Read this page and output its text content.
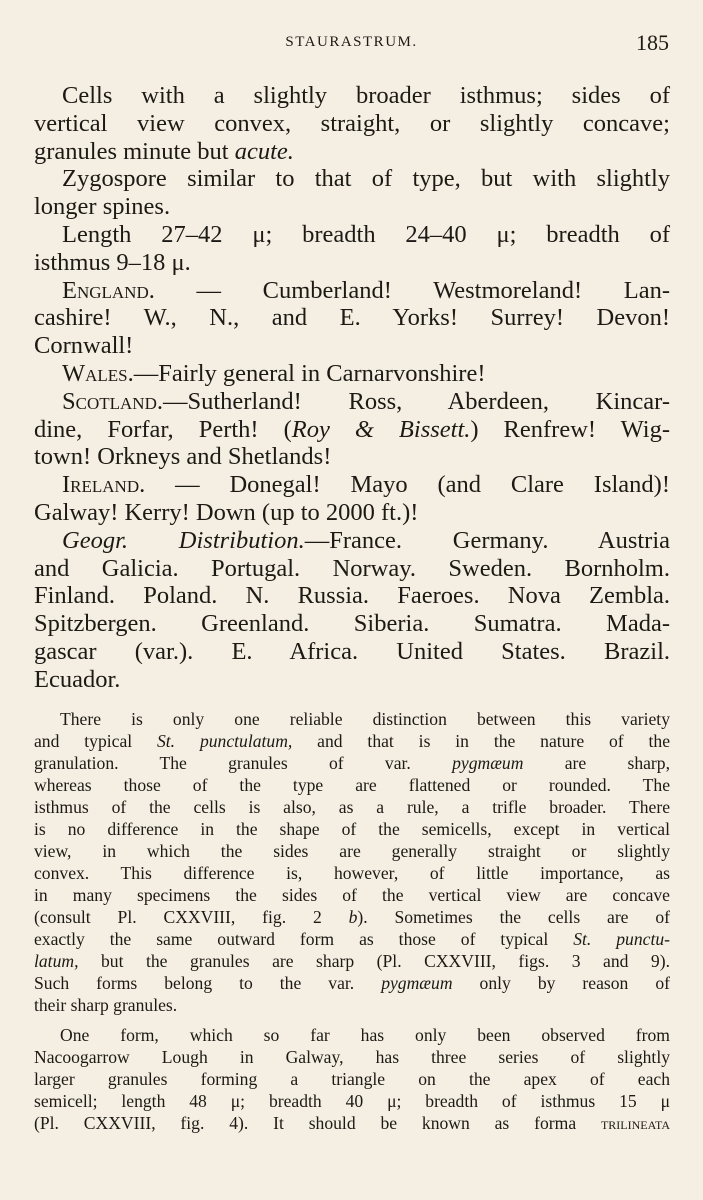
STAURASTRUM.	185

Cells with a slightly broader isthmus; sides of

vertical view convex, straight, or slightly concave;

granules minute but acute.

Zygospore similar to that of type, but with slightly

longer spines.

Length 27–42 μ; breadth 24–40 μ; breadth of

isthmus 9–18 μ.

England. — Cumberland! Westmoreland! Lan-

cashire! W., N., and E. Yorks! Surrey! Devon!

Cornwall!

Wales.—Fairly general in Carnarvonshire!

Scotland.—Sutherland! Ross, Aberdeen, Kincar-

dine, Forfar, Perth! (Roy & Bissett.) Renfrew! Wig-

town! Orkneys and Shetlands!

Ireland. — Donegal! Mayo (and Clare Island)!

Galway! Kerry! Down (up to 2000 ft.)!

Geogr. Distribution.—France. Germany. Austria

and Galicia. Portugal. Norway. Sweden. Bornholm.

Finland. Poland. N. Russia. Faeroes. Nova Zembla.

Spitzbergen. Greenland. Siberia. Sumatra. Mada-

gascar (var.). E. Africa. United States. Brazil.

Ecuador.

There is only one reliable distinction between this variety

and typical St. punctulatum, and that is in the nature of the

granulation. The granules of var. pygmæum are sharp,

whereas those of the type are flattened or rounded. The

isthmus of the cells is also, as a rule, a trifle broader. There

is no difference in the shape of the semicells, except in vertical

view, in which the sides are generally straight or slightly

convex. This difference is, however, of little importance, as

in many specimens the sides of the vertical view are concave

(consult Pl. CXXVIII, fig. 2 b). Sometimes the cells are of

exactly the same outward form as those of typical St. punctu-

latum, but the granules are sharp (Pl. CXXVIII, figs. 3 and 9).

Such forms belong to the var. pygmæum only by reason of

their sharp granules.

One form, which so far has only been observed from

Nacoogarrow Lough in Galway, has three series of slightly

larger granules forming a triangle on the apex of each

semicell; length 48 μ; breadth 40 μ; breadth of isthmus 15 μ

(Pl. CXXVIII, fig. 4). It should be known as forma trilineata
